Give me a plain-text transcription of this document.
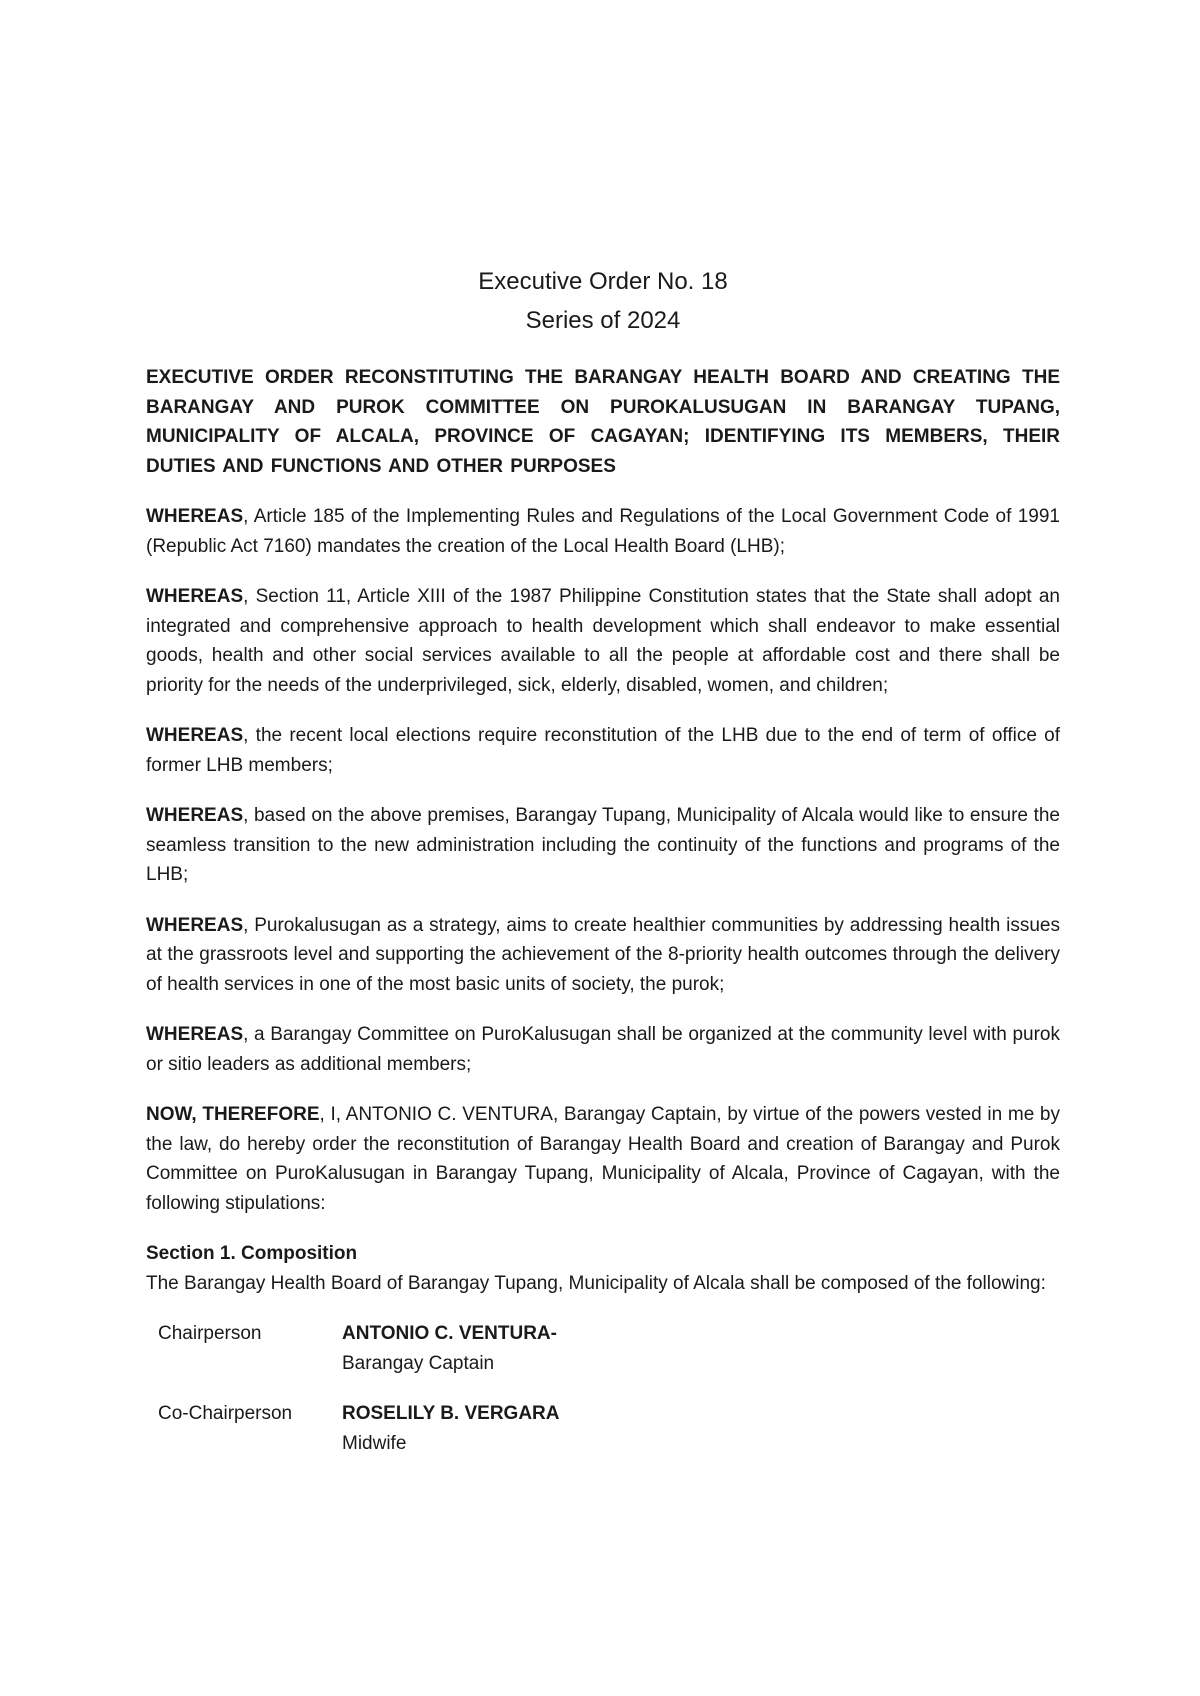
Executive Order No. 18

Series of 2024

EXECUTIVE ORDER RECONSTITUTING THE BARANGAY HEALTH BOARD AND CREATING THE BARANGAY AND PUROK COMMITTEE ON PUROKALUSUGAN IN BARANGAY TUPANG, MUNICIPALITY OF ALCALA, PROVINCE OF CAGAYAN; IDENTIFYING ITS MEMBERS, THEIR DUTIES AND FUNCTIONS AND OTHER PURPOSES

WHEREAS, Article 185 of the Implementing Rules and Regulations of the Local Government Code of 1991 (Republic Act 7160) mandates the creation of the Local Health Board (LHB);

WHEREAS, Section 11, Article XIII of the 1987 Philippine Constitution states that the State shall adopt an integrated and comprehensive approach to health development which shall endeavor to make essential goods, health and other social services available to all the people at affordable cost and there shall be priority for the needs of the underprivileged, sick, elderly, disabled, women, and children;

WHEREAS, the recent local elections require reconstitution of the LHB due to the end of term of office of former LHB members;

WHEREAS, based on the above premises, Barangay Tupang, Municipality of Alcala would like to ensure the seamless transition to the new administration including the continuity of the functions and programs of the LHB;

WHEREAS, Purokalusugan as a strategy, aims to create healthier communities by addressing health issues at the grassroots level and supporting the achievement of the 8-priority health outcomes through the delivery of health services in one of the most basic units of society, the purok;

WHEREAS, a Barangay Committee on PuroKalusugan shall be organized at the community level with purok or sitio leaders as additional members;

NOW, THEREFORE, I, ANTONIO C. VENTURA, Barangay Captain, by virtue of the powers vested in me by the law, do hereby order the reconstitution of Barangay Health Board and creation of Barangay and Purok Committee on PuroKalusugan in Barangay Tupang, Municipality of Alcala, Province of Cagayan, with the following stipulations:

Section 1. Composition

The Barangay Health Board of Barangay Tupang, Municipality of Alcala shall be composed of the following:

Chairperson	ANTONIO C. VENTURA-
Barangay Captain
Co-Chairperson	ROSELILY B. VERGARA
Midwife
